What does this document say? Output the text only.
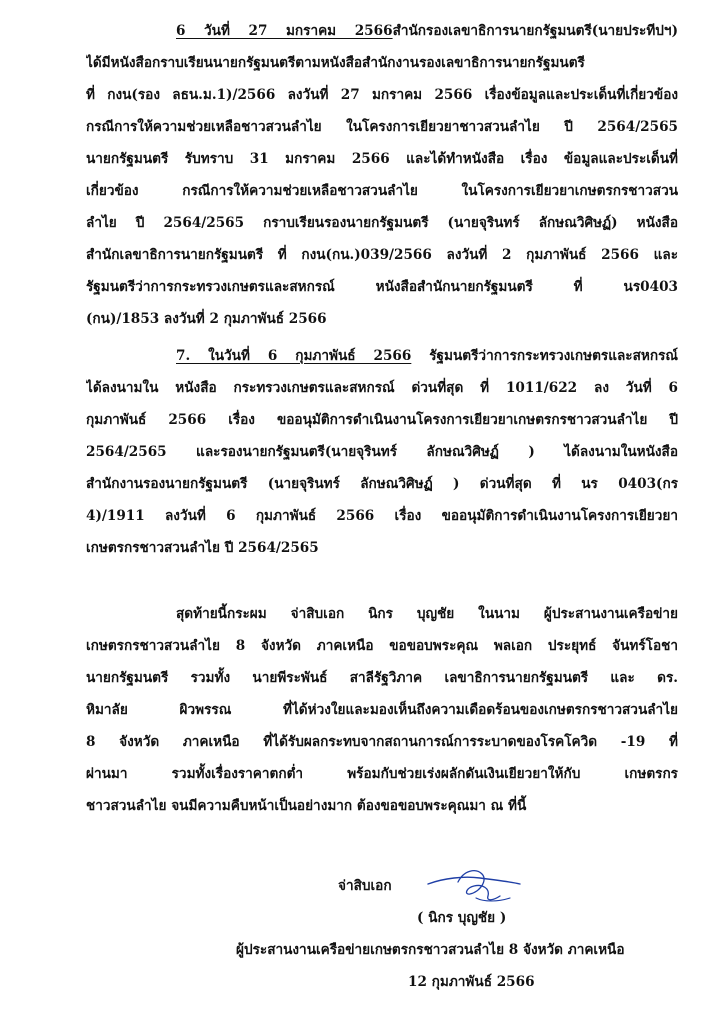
6 วันที่ 27 มกราคม 2566สำนักรองเลขาธิการนายกรัฐมนตรี(นายประทีปฯ)
ได้มีหนังสือกราบเรียนนายกรัฐมนตรีตามหนังสือสำนักงานรองเลขาธิการนายกรัฐมนตรี
ที่ กงน(รอง ลธน.ม.1)/2566 ลงวันที่ 27 มกราคม 2566 เรื่องข้อมูลและประเด็นที่เกี่ยวข้อง
กรณีการให้ความช่วยเหลือชาวสวนลำไย ในโครงการเยียวยาชาวสวนลำไย ปี 2564/2565
นายกรัฐมนตรี รับทราบ 31 มกราคม 2566 และได้ทำหนังสือ เรื่อง ข้อมูลและประเด็นที่
เกี่ยวข้อง กรณีการให้ความช่วยเหลือชาวสวนลำไย ในโครงการเยียวยาเกษตรกรชาวสวน
ลำไย ปี 2564/2565 กราบเรียนรองนายกรัฐมนตรี (นายจุรินทร์ ลักษณวิศิษฏ์) หนังสือ
สำนักเลขาธิการนายกรัฐมนตรี ที่ กงน(กน.)039/2566 ลงวันที่ 2 กุมภาพันธ์ 2566 และ
รัฐมนตรีว่าการกระทรวงเกษตรและสหกรณ์ หนังสือสำนักนายกรัฐมนตรี ที่ นร0403
(กน)/1853 ลงวันที่ 2 กุมภาพันธ์ 2566
7. ในวันที่ 6 กุมภาพันธ์ 2566 รัฐมนตรีว่าการกระทรวงเกษตรและสหกรณ์
ได้ลงนามใน หนังสือ กระทรวงเกษตรและสหกรณ์ ด่วนที่สุด ที่ 1011/622 ลง วันที่ 6
กุมภาพันธ์ 2566 เรื่อง ขออนุมัติการดำเนินงานโครงการเยียวยาเกษตรกรชาวสวนลำไย ปี
2564/2565 และรองนายกรัฐมนตรี(นายจุรินทร์ ลักษณวิศิษฏ์ ) ได้ลงนามในหนังสือ
สำนักงานรองนายกรัฐมนตรี (นายจุรินทร์ ลักษณวิศิษฏ์ ) ด่วนที่สุด ที่ นร 0403(กร
4)/1911 ลงวันที่ 6 กุมภาพันธ์ 2566 เรื่อง ขออนุมัติการดำเนินงานโครงการเยียวยา
เกษตรกรชาวสวนลำไย ปี 2564/2565
สุดท้ายนี้กระผม จ่าสิบเอก นิกร บุญชัย ในนาม ผู้ประสานงานเครือข่าย
เกษตรกรชาวสวนลำไย 8 จังหวัด ภาคเหนือ ขอขอบพระคุณ พลเอก ประยุทธ์ จันทร์โอชา
นายกรัฐมนตรี รวมทั้ง นายพีระพันธ์ สาลีรัฐวิภาค เลขาธิการนายกรัฐมนตรี และ ดร.
หิมาลัย ผิวพรรณ ที่ได้ห่วงใยและมองเห็นถึงความเดือดร้อนของเกษตรกรชาวสวนลำไย
8 จังหวัด ภาคเหนือ ที่ได้รับผลกระทบจากสถานการณ์การระบาดของโรคโควิด -19 ที่
ผ่านมา รวมทั้งเรื่องราคาตกต่ำ พร้อมกับช่วยเร่งผลักดันเงินเยียวยาให้กับ เกษตรกร
ชาวสวนลำไย จนมีความคืบหน้าเป็นอย่างมาก ต้องขอขอบพระคุณมา ณ ที่นี้
จ่าสิบเอก
( นิกร บุญชัย )
ผู้ประสานงานเครือข่ายเกษตรกรชาวสวนลำไย 8 จังหวัด ภาคเหนือ
12 กุมภาพันธ์ 2566
